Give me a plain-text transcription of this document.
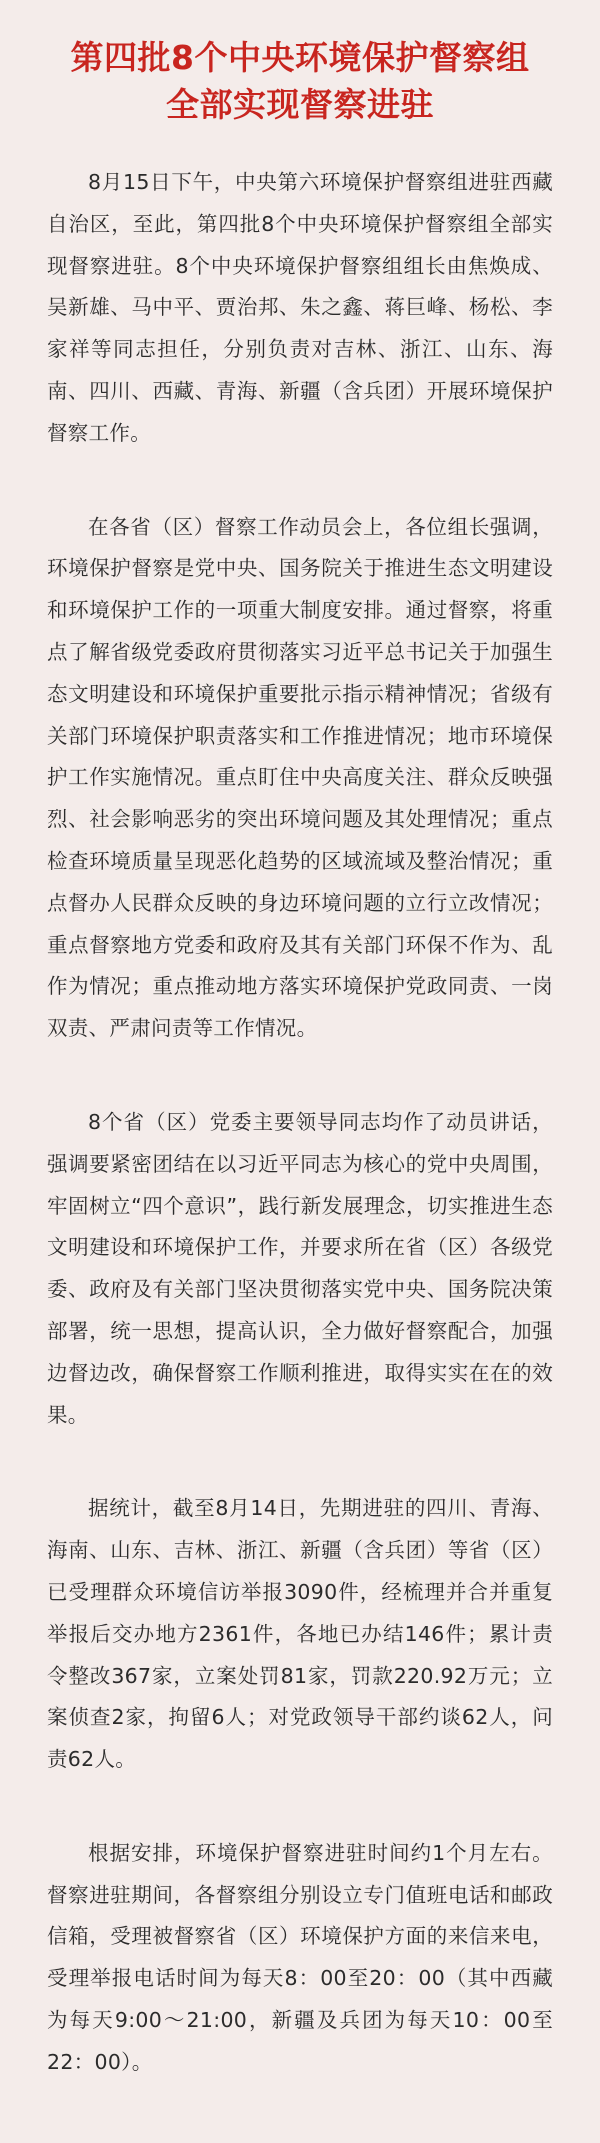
第四批8个中央环境保护督察组
全部实现督察进驻

8月15日下午，中央第六环境保护督察组进驻西藏自治区，至此，第四批8个中央环境保护督察组全部实现督察进驻。8个中央环境保护督察组组长由焦焕成、吴新雄、马中平、贾治邦、朱之鑫、蒋巨峰、杨松、李家祥等同志担任，分别负责对吉林、浙江、山东、海南、四川、西藏、青海、新疆（含兵团）开展环境保护督察工作。

在各省（区）督察工作动员会上，各位组长强调，环境保护督察是党中央、国务院关于推进生态文明建设和环境保护工作的一项重大制度安排。通过督察，将重点了解省级党委政府贯彻落实习近平总书记关于加强生态文明建设和环境保护重要批示指示精神情况；省级有关部门环境保护职责落实和工作推进情况；地市环境保护工作实施情况。重点盯住中央高度关注、群众反映强烈、社会影响恶劣的突出环境问题及其处理情况；重点检查环境质量呈现恶化趋势的区域流域及整治情况；重点督办人民群众反映的身边环境问题的立行立改情况；重点督察地方党委和政府及其有关部门环保不作为、乱作为情况；重点推动地方落实环境保护党政同责、一岗双责、严肃问责等工作情况。

8个省（区）党委主要领导同志均作了动员讲话，强调要紧密团结在以习近平同志为核心的党中央周围，牢固树立“四个意识”，践行新发展理念，切实推进生态文明建设和环境保护工作，并要求所在省（区）各级党委、政府及有关部门坚决贯彻落实党中央、国务院决策部署，统一思想，提高认识，全力做好督察配合，加强边督边改，确保督察工作顺利推进，取得实实在在的效果。

据统计，截至8月14日，先期进驻的四川、青海、海南、山东、吉林、浙江、新疆（含兵团）等省（区）已受理群众环境信访举报3090件，经梳理并合并重复举报后交办地方2361件，各地已办结146件；累计责令整改367家，立案处罚81家，罚款220.92万元；立案侦查2家，拘留6人；对党政领导干部约谈62人，问责62人。

根据安排，环境保护督察进驻时间约1个月左右。督察进驻期间，各督察组分别设立专门值班电话和邮政信箱，受理被督察省（区）环境保护方面的来信来电，受理举报电话时间为每天8：00至20：00（其中西藏为每天9:00～21:00，新疆及兵团为每天10：00至22：00）。
